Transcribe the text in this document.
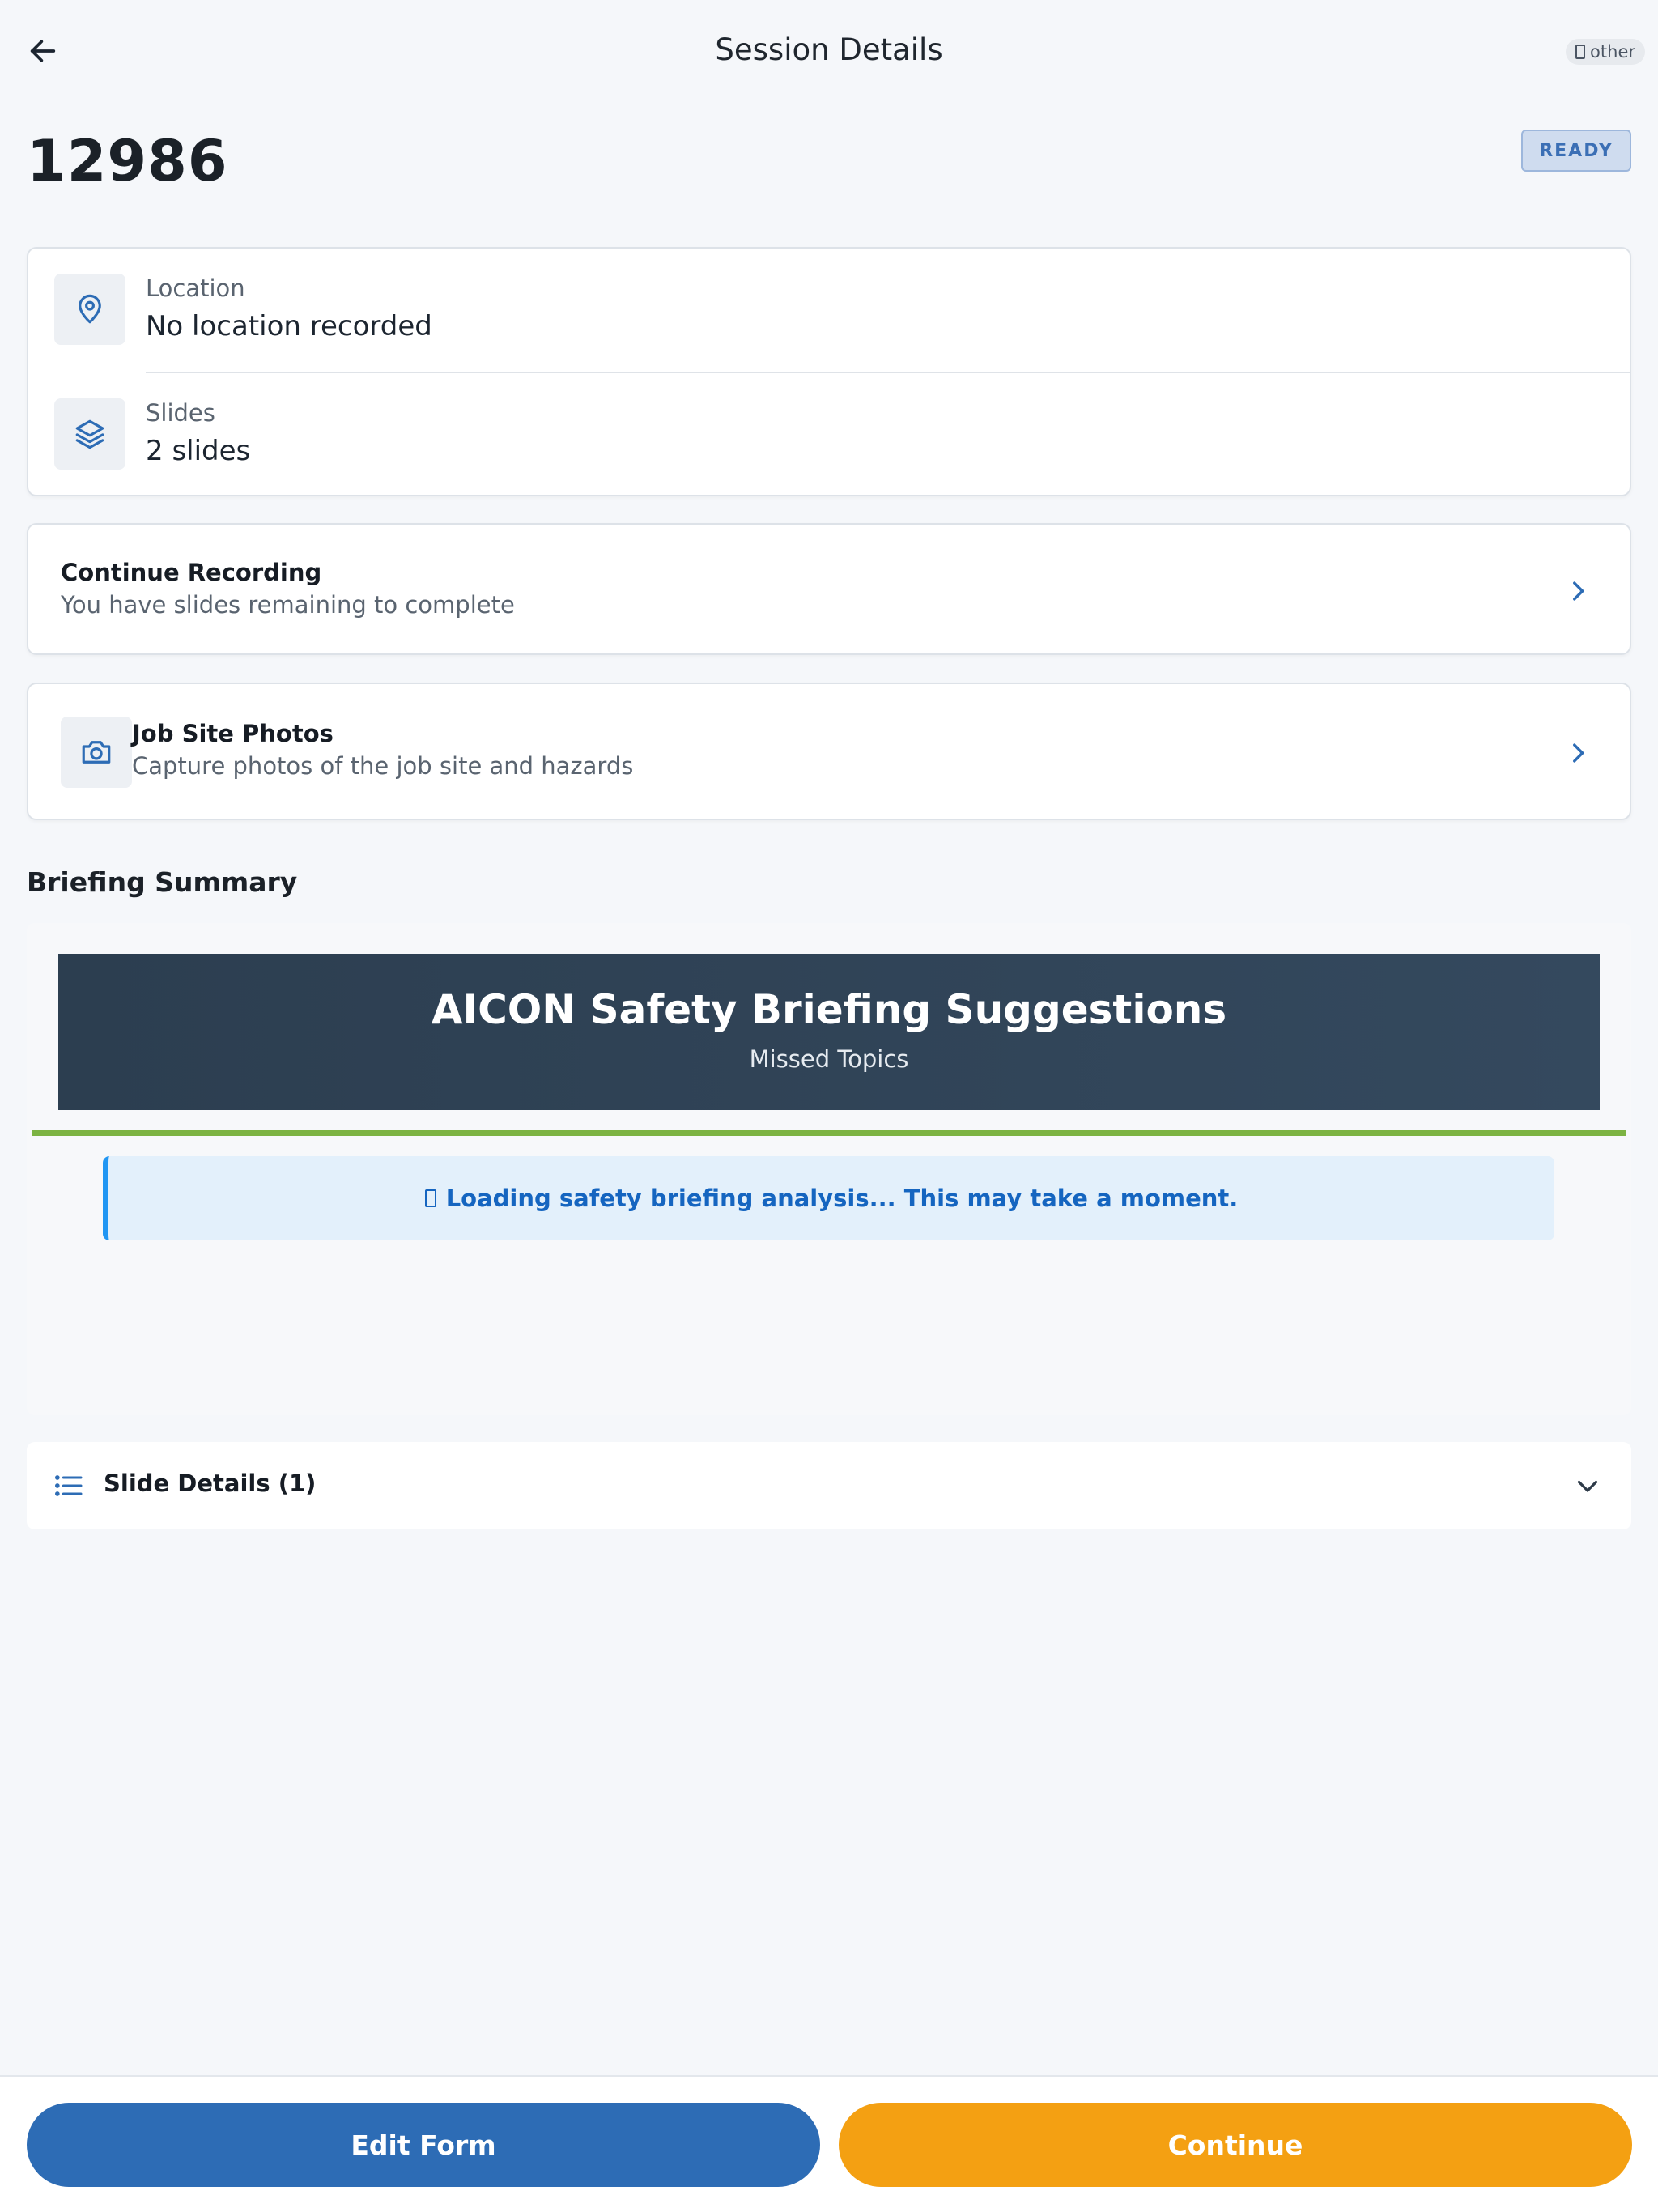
Session Details	other
12986	READY
Location
No location recorded
Slides
2 slides
Continue Recording
You have slides remaining to complete
Job Site Photos
Capture photos of the job site and hazards
Briefing Summary
AICON Safety Briefing Suggestions
Missed Topics
Loading safety briefing analysis... This may take a moment.
Slide Details (1)
Edit Form	Continue
